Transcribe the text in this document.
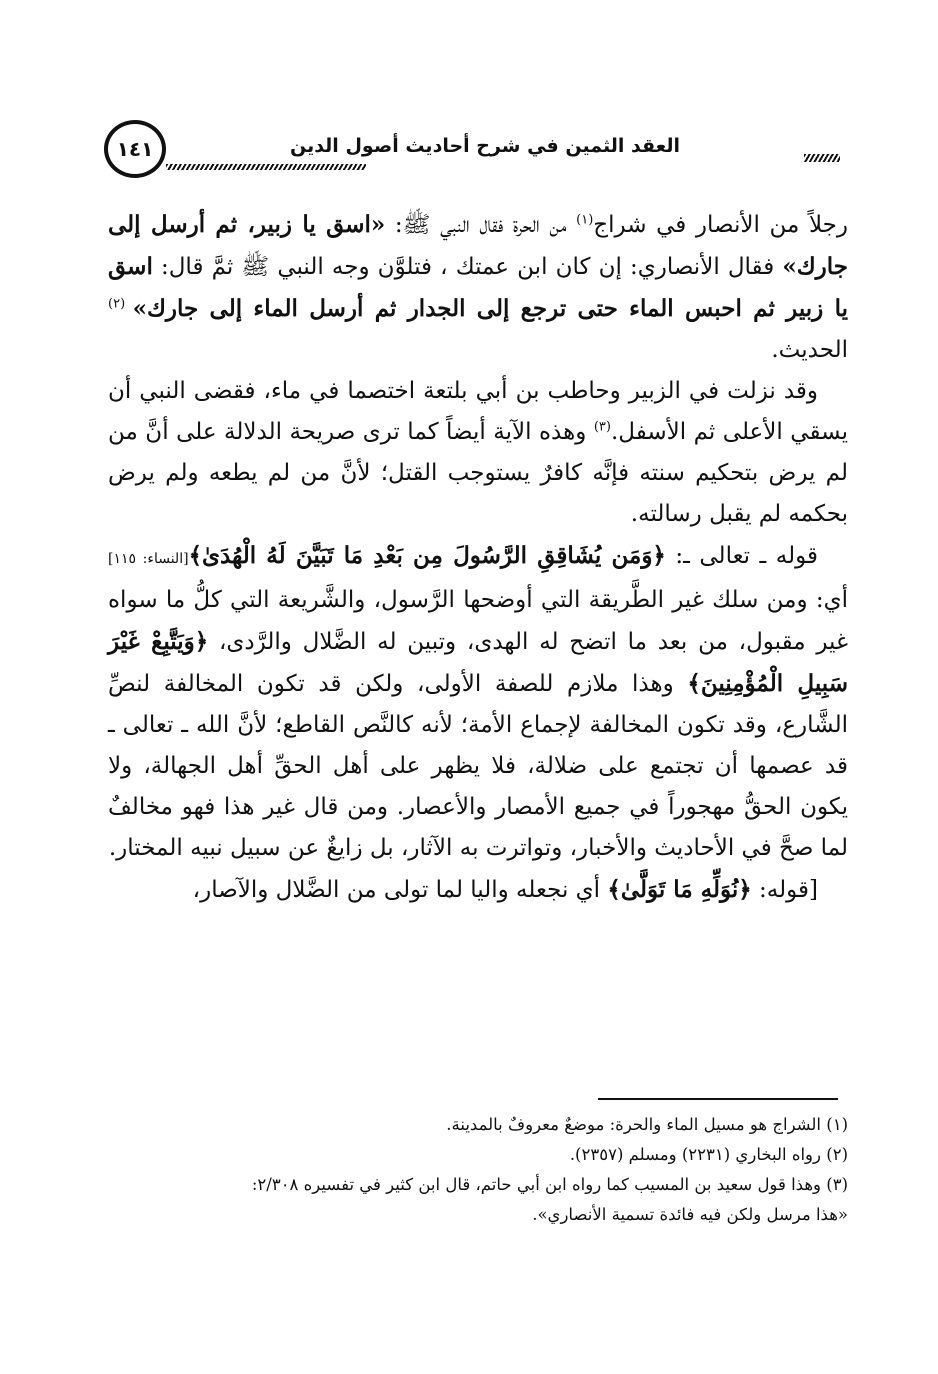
١٤١	العقد الثمين في شرح أحاديث أصول الدين

رجلاً من الأنصار في شراج$^{(١)}$ من الحرة فقال النبي ﷺ: «اسق يا زبير، ثم أرسل إلى جارك» فقال الأنصاري: إن كان ابن عمتك ، فتلوَّن وجه النبي ﷺ ثمَّ قال: اسق يا زبير ثم احبس الماء حتى ترجع إلى الجدار ثم أرسل الماء إلى جارك» $^{(٢)}$ الحديث.

وقد نزلت في الزبير وحاطب بن أبي بلتعة اختصما في ماء، فقضى النبي أن يسقي الأعلى ثم الأسفل.$^{(٣)}$ وهذه الآية أيضاً كما ترى صريحة الدلالة على أنَّ من لم يرض بتحكيم سنته فإنَّه كافرٌ يستوجب القتل؛ لأنَّ من لم يطعه ولم يرض بحكمه لم يقبل رسالته.

قوله ـ تعالى ـ: ﴿وَمَن يُشَاقِقِ الرَّسُولَ مِن بَعْدِ مَا تَبَيَّنَ لَهُ الْهُدَىٰ﴾[النساء: ١١٥] أي: ومن سلك غير الطَّريقة التي أوضحها الرَّسول، والشَّريعة التي كلُّ ما سواه غير مقبول، من بعد ما اتضح له الهدى، وتبين له الضَّلال والرَّدى، ﴿وَيَتَّبِعْ غَيْرَ سَبِيلِ الْمُؤْمِنِينَ﴾ وهذا ملازم للصفة الأولى، ولكن قد تكون المخالفة لنصِّ الشَّارع، وقد تكون المخالفة لإجماع الأمة؛ لأنه كالنَّص القاطع؛ لأنَّ الله ـ تعالى ـ قد عصمها أن تجتمع على ضلالة، فلا يظهر على أهل الحقِّ أهل الجهالة، ولا يكون الحقُّ مهجوراً في جميع الأمصار والأعصار. ومن قال غير هذا فهو مخالفٌ لما صحَّ في الأحاديث والأخبار، وتواترت به الآثار، بل زايغٌ عن سبيل نبيه المختار.

[قوله: ﴿نُوَلِّهِ مَا تَوَلَّىٰ﴾ أي نجعله واليا لما تولى من الضَّلال والآصار،

(١) الشراج هو مسيل الماء والحرة: موضعٌ معروفٌ بالمدينة.

(٢) رواه البخاري (٢٢٣١) ومسلم (٢٣٥٧).

(٣) وهذا قول سعيد بن المسيب كما رواه ابن أبي حاتم، قال ابن كثير في تفسيره ٢/٣٠٨:

«هذا مرسل ولكن فيه فائدة تسمية الأنصاري».
